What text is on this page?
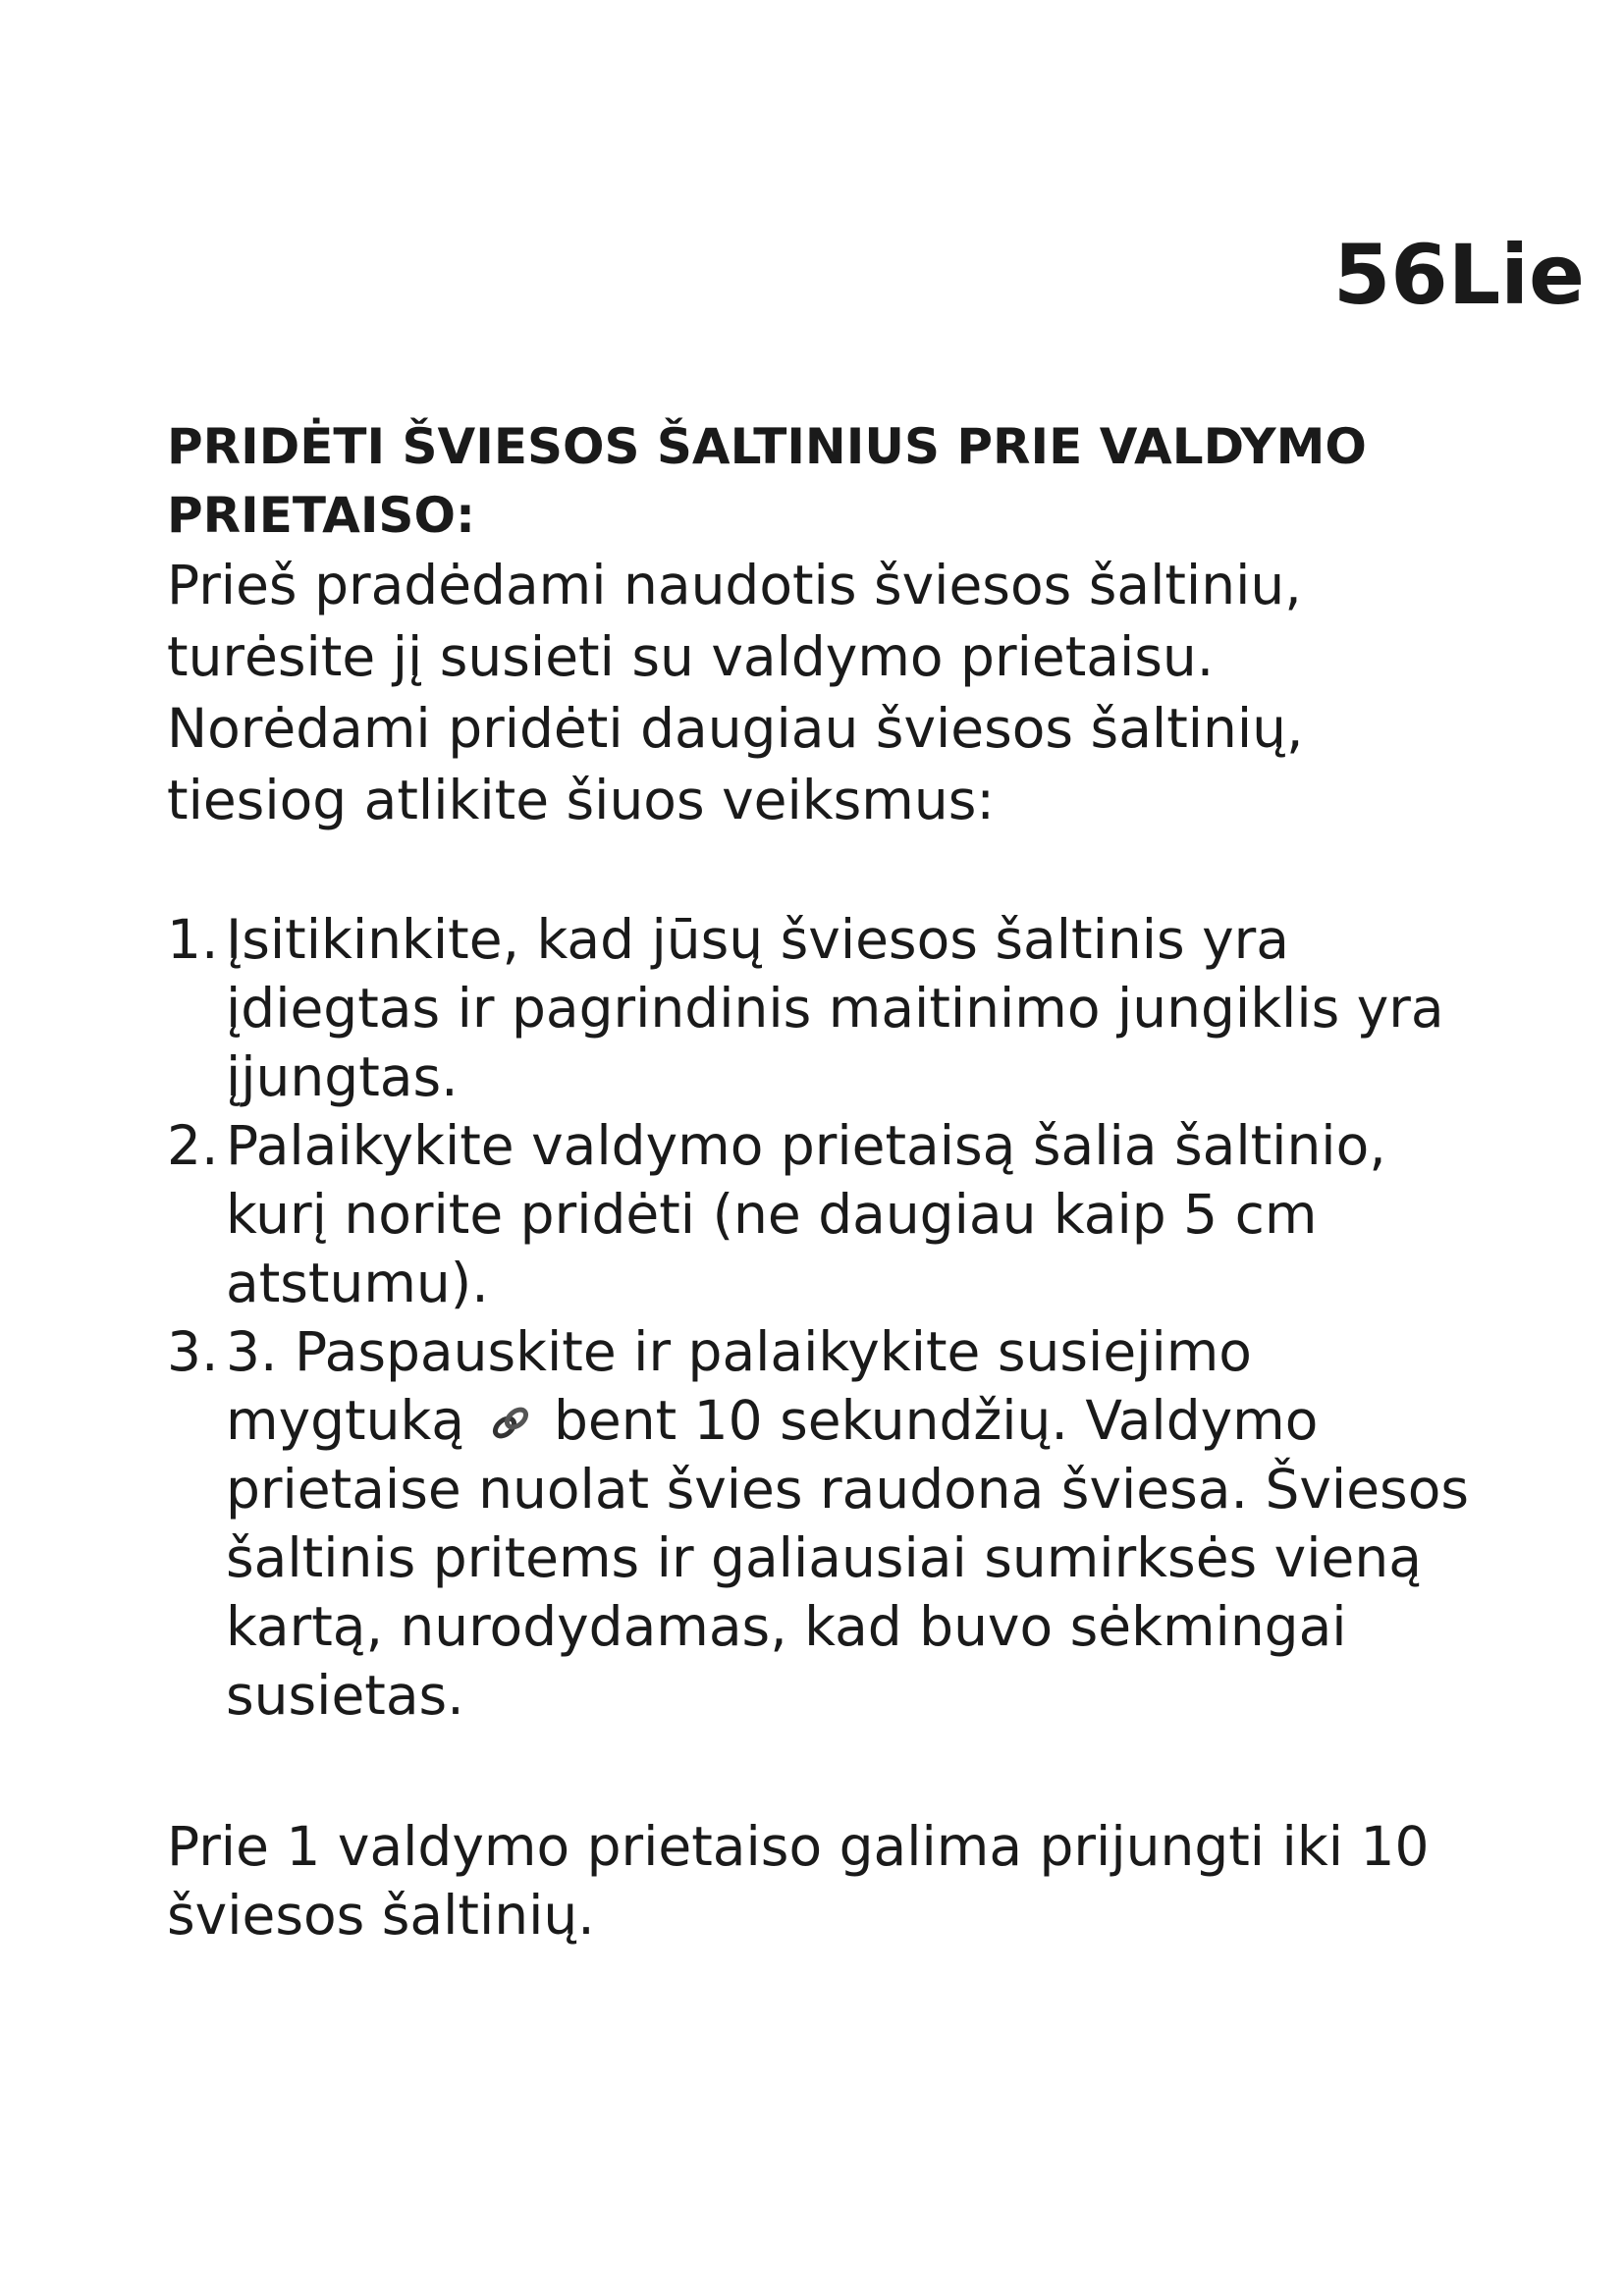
56Lie

PRIDĖTI ŠVIESOS ŠALTINIUS PRIE VALDYMO PRIETAISO:

Prieš pradėdami naudotis šviesos šaltiniu, turėsite jį susieti su valdymo prietaisu. Norėdami pridėti daugiau šviesos šaltinių, tiesiog atlikite šiuos veiksmus:

1. Įsitikinkite, kad jūsų šviesos šaltinis yra įdiegtas ir pagrindinis maitinimo jungiklis yra įjungtas.
2. Palaikykite valdymo prietaisą šalia šaltinio, kurį norite pridėti (ne daugiau kaip 5 cm atstumu).
3. 3. Paspauskite ir palaikykite susiejimo mygtuką bent 10 sekundžių. Valdymo prietaise nuolat švies raudona šviesa. Šviesos šaltinis pritems ir galiausiai sumirksės vieną kartą, nurodydamas, kad buvo sėkmingai susietas.

Prie 1 valdymo prietaiso galima prijungti iki 10 šviesos šaltinių.
